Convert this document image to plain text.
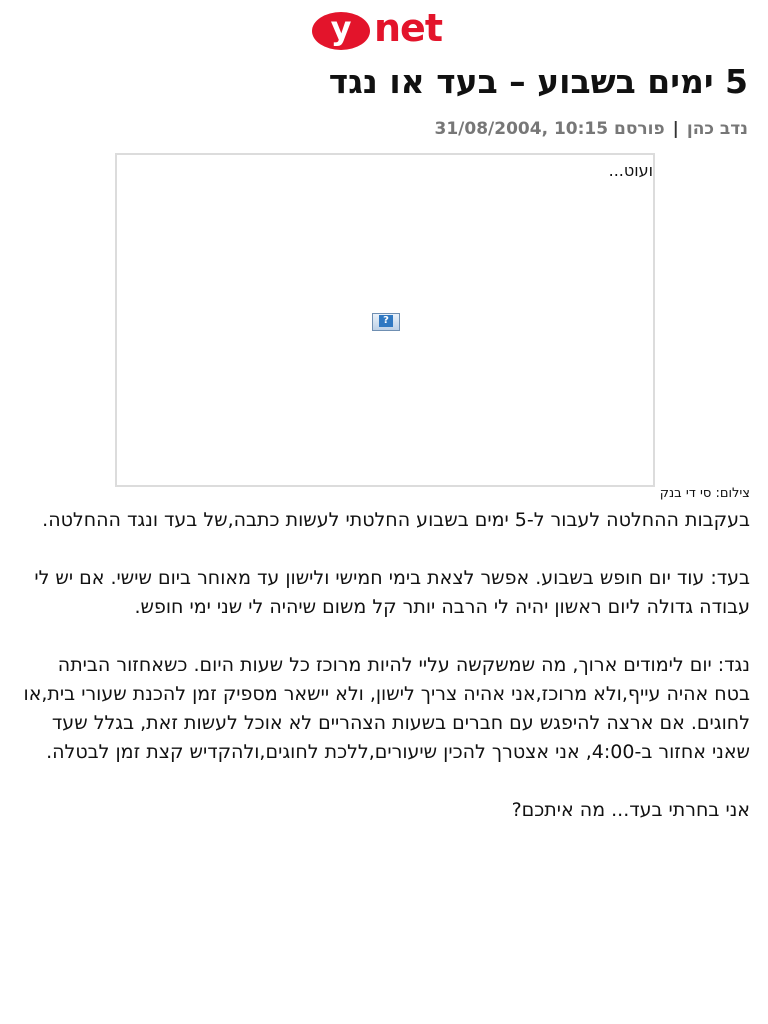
y net
5 ימים בשבוע – בעד או נגד
נדב כהן|פורסם 10:15 ,31/08/2004
ועוט...
?
צילום: סי די בנק

בעקבות ההחלטה לעבור ל-5 ימים בשבוע החלטתי לעשות כתבה,של בעד ונגד ההחלטה.

בעד: עוד יום חופש בשבוע. אפשר לצאת בימי חמישי ולישון עד מאוחר ביום שישי. אם יש לי עבודה גדולה ליום ראשון יהיה לי הרבה יותר קל משום שיהיה לי שני ימי חופש.

נגד: יום לימודים ארוך, מה שמשקשה עליי להיות מרוכז כל שעות היום. כשאחזור הביתה בטח אהיה עייף,ולא מרוכז,אני אהיה צריך לישון, ולא יישאר מספיק זמן להכנת שעורי בית,או לחוגים. אם ארצה להיפגש עם חברים בשעות הצהריים לא אוכל לעשות זאת, בגלל שעד שאני אחזור ב-4:00, אני אצטרך להכין שיעורים,ללכת לחוגים,ולהקדיש קצת זמן לבטלה.

אני בחרתי בעד... מה איתכם?
